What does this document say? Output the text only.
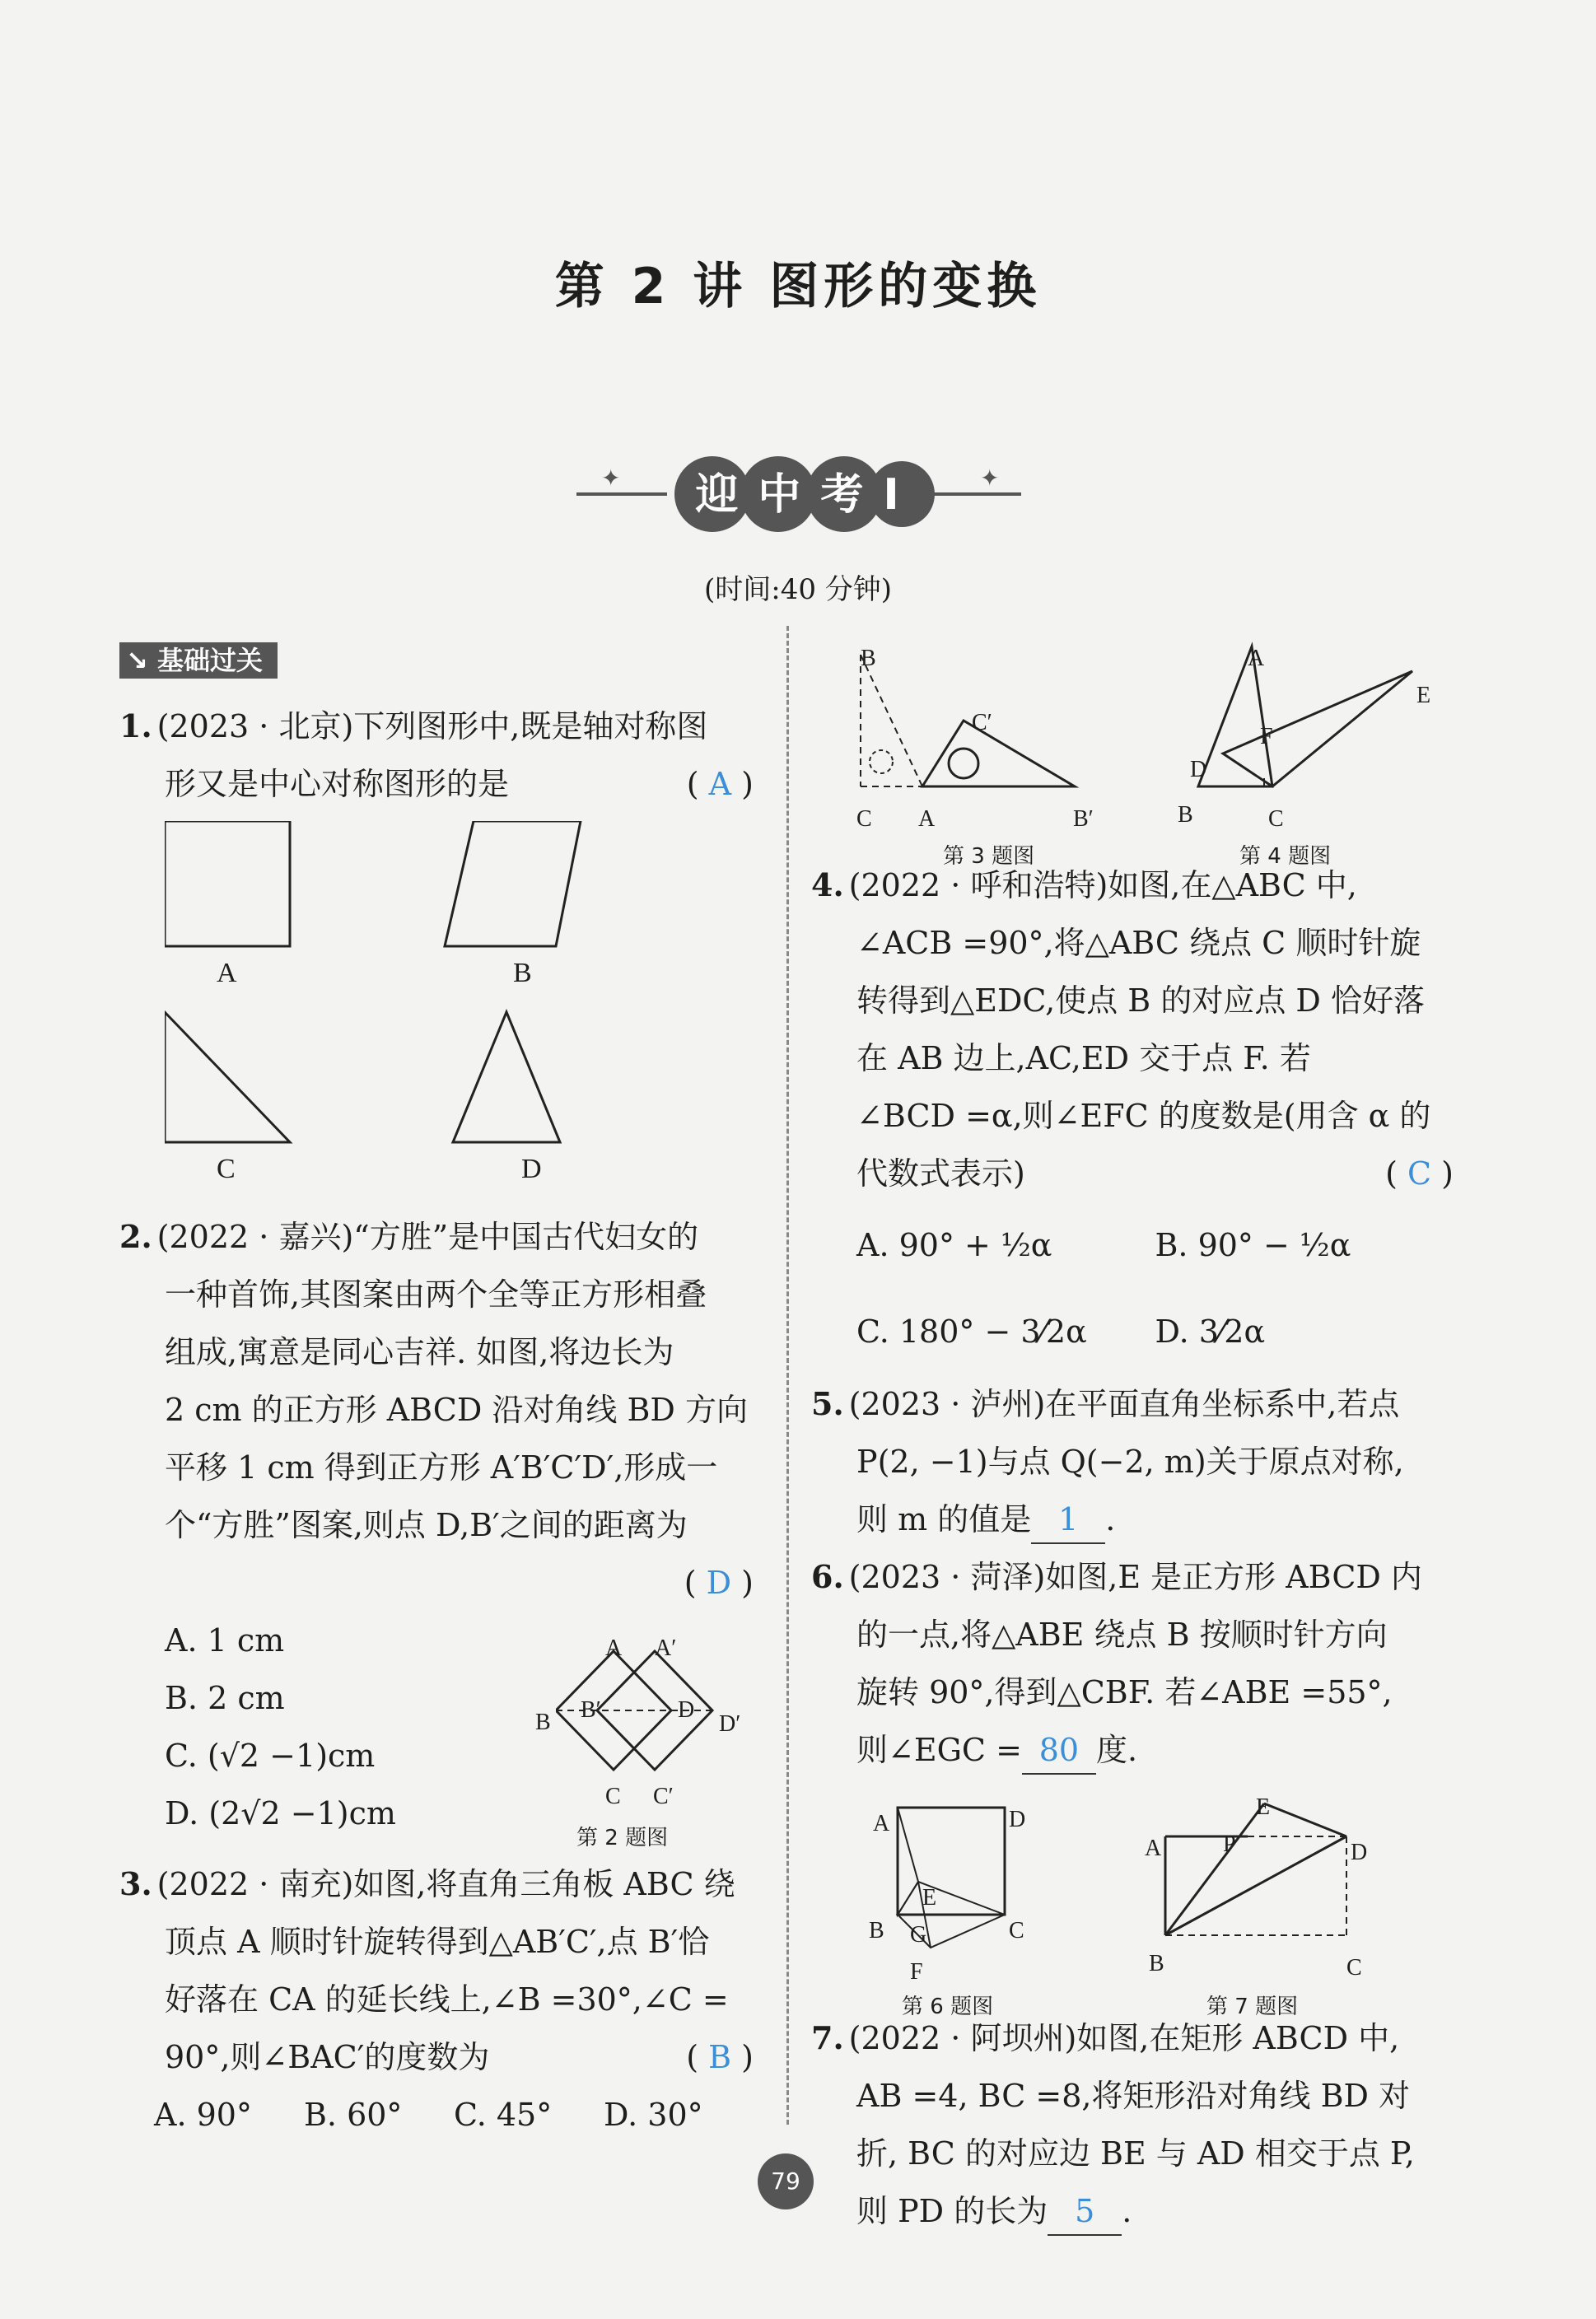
第 2 讲 图形的变换
✦	✦
迎中考Ⅰ
(时间:40 分钟)
↘ 基础过关

1. (2023 · 北京)下列图形中,既是轴对称图

形又是中心对称图形的是	( A )

A	B
C	D

2. (2022 · 嘉兴)“方胜”是中国古代妇女的

一种首饰,其图案由两个全等正方形相叠

组成,寓意是同心吉祥. 如图,将边长为

2 cm 的正方形 ABCD 沿对角线 BD 方向

平移 1 cm 得到正方形 A′B′C′D′,形成一

个“方胜”图案,则点 D,B′之间的距离为

( D )

A. 1 cm

B. 2 cm

C. (√2 −1)cm

D. (2√2 −1)cm

A A′
B B′	D
D′
C C′
第 2 题图

3. (2022 · 南充)如图,将直角三角板 ABC 绕

顶点 A 顺时针旋转得到△AB′C′,点 B′恰

好落在 CA 的延长线上,∠B =30°,∠C =

90°,则∠BAC′的度数为	( B )

A. 90°	B. 60°	C. 45°	D. 30°

B
C′
C A	B′
第 3 题图
A
E
F
D
B	C
第 4 题图

4. (2022 · 呼和浩特)如图,在△ABC 中,

∠ACB =90°,将△ABC 绕点 C 顺时针旋

转得到△EDC,使点 B 的对应点 D 恰好落

在 AB 边上,AC,ED 交于点 F. 若

∠BCD =α,则∠EFC 的度数是(用含 α 的

代数式表示)	( C )

A. 90° + ½α	B. 90° − ½α

C. 180° − 3⁄2α	D. 3⁄2α

5. (2023 · 泸州)在平面直角坐标系中,若点

P(2, −1)与点 Q(−2, m)关于原点对称,

则 m 的值是 1 .

6. (2023 · 菏泽)如图,E 是正方形 ABCD 内

的一点,将△ABE 绕点 B 按顺时针方向

旋转 90°,得到△CBF. 若∠ABE =55°,

则∠EGC = 80 度.

A	D
E
B G	C
F
第 6 题图
E
A	P	D
B	C
第 7 题图

7. (2022 · 阿坝州)如图,在矩形 ABCD 中,

AB =4, BC =8,将矩形沿对角线 BD 对

折, BC 的对应边 BE 与 AD 相交于点 P,

则 PD 的长为 5 .

79
